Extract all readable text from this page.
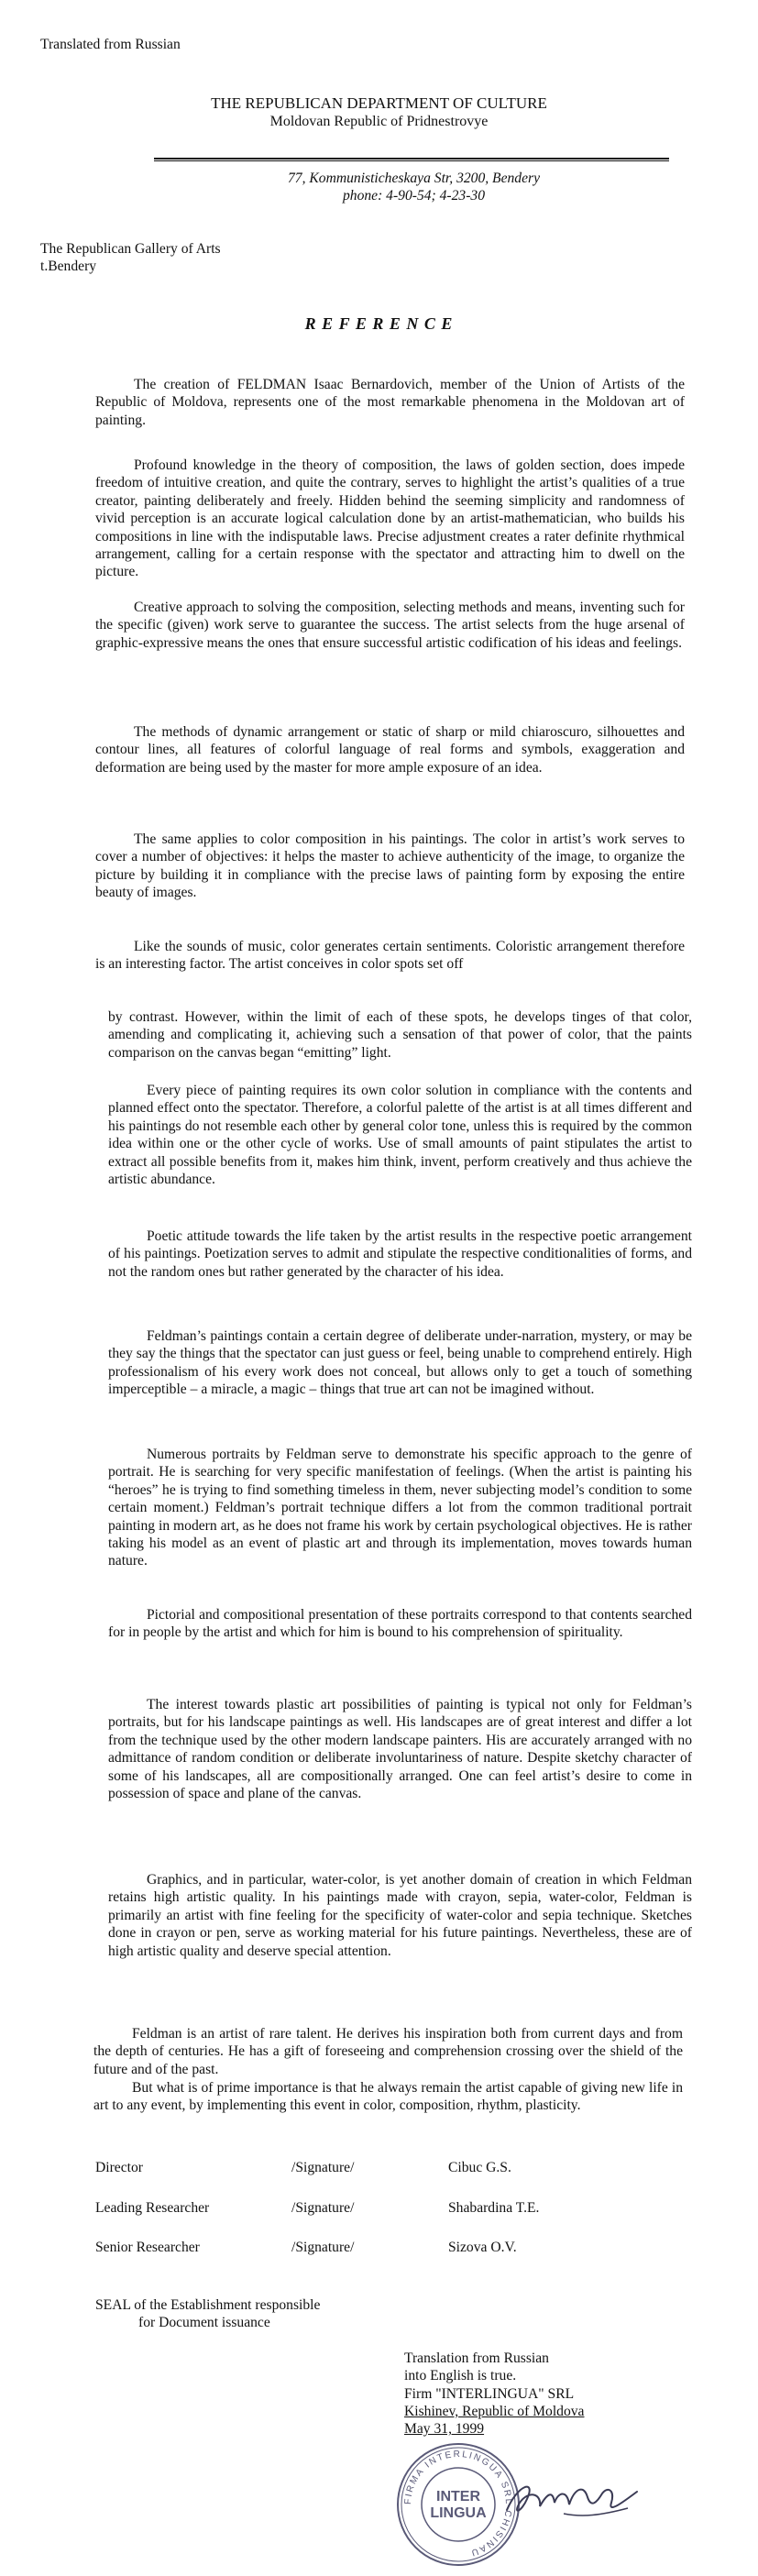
Translated from Russian
THE REPUBLICAN DEPARTMENT OF CULTURE
Moldovan Republic of Pridnestrovye
77, Kommunisticheskaya Str, 3200, Bendery
phone: 4-90-54; 4-23-30
The Republican Gallery of Arts
t.Bendery
R E F E R E N C E
The creation of FELDMAN Isaac Bernardovich, member of the Union of Artists of the Republic of Moldova, represents one of the most remarkable phenomena in the Moldovan art of painting.
Profound knowledge in the theory of composition, the laws of golden section, does impede freedom of intuitive creation, and quite the contrary, serves to highlight the artist’s qualities of a true creator, painting deliberately and freely. Hidden behind the seeming simplicity and randomness of vivid perception is an accurate logical calculation done by an artist-mathematician, who builds his compositions in line with the indisputable laws. Precise adjustment creates a rater definite rhythmical arrangement, calling for a certain response with the spectator and attracting him to dwell on the picture.
Creative approach to solving the composition, selecting methods and means, inventing such for the specific (given) work serve to guarantee the success. The artist selects from the huge arsenal of graphic-expressive means the ones that ensure successful artistic codification of his ideas and feelings.
The methods of dynamic arrangement or static of sharp or mild chiaroscuro, silhouettes and contour lines, all features of colorful language of real forms and symbols, exaggeration and deformation are being used by the master for more ample exposure of an idea.
The same applies to color composition in his paintings. The color in artist’s work serves to cover a number of objectives: it helps the master to achieve authenticity of the image, to organize the picture by building it in compliance with the precise laws of painting form by exposing the entire beauty of images.
Like the sounds of music, color generates certain sentiments. Coloristic arrangement therefore is an interesting factor. The artist conceives in color spots set off
by contrast. However, within the limit of each of these spots, he develops tinges of that color, amending and complicating it, achieving such a sensation of that power of color, that the paints comparison on the canvas began “emitting” light.
Every piece of painting requires its own color solution in compliance with the contents and planned effect onto the spectator. Therefore, a colorful palette of the artist is at all times different and his paintings do not resemble each other by general color tone, unless this is required by the common idea within one or the other cycle of works. Use of small amounts of paint stipulates the artist to extract all possible benefits from it, makes him think, invent, perform creatively and thus achieve the artistic abundance.
Poetic attitude towards the life taken by the artist results in the respective poetic arrangement of his paintings. Poetization serves to admit and stipulate the respective conditionalities of forms, and not the random ones but rather generated by the character of his idea.
Feldman’s paintings contain a certain degree of deliberate under-narration, mystery, or may be they say the things that the spectator can just guess or feel, being unable to comprehend entirely. High professionalism of his every work does not conceal, but allows only to get a touch of something imperceptible – a miracle, a magic – things that true art can not be imagined without.
Numerous portraits by Feldman serve to demonstrate his specific approach to the genre of portrait. He is searching for very specific manifestation of feelings. (When the artist is painting his “heroes” he is trying to find something timeless in them, never subjecting model’s condition to some certain moment.) Feldman’s portrait technique differs a lot from the common traditional portrait painting in modern art, as he does not frame his work by certain psychological objectives. He is rather taking his model as an event of plastic art and through its implementation, moves towards human nature.
Pictorial and compositional presentation of these portraits correspond to that contents searched for in people by the artist and which for him is bound to his comprehension of spirituality.
The interest towards plastic art possibilities of painting is typical not only for Feldman’s portraits, but for his landscape paintings as well. His landscapes are of great interest and differ a lot from the technique used by the other modern landscape painters. His are accurately arranged with no admittance of random condition or deliberate involuntariness of nature. Despite sketchy character of some of his landscapes, all are compositionally arranged. One can feel artist’s desire to come in possession of space and plane of the canvas.
Graphics, and in particular, water-color, is yet another domain of creation in which Feldman retains high artistic quality. In his paintings made with crayon, sepia, water-color, Feldman is primarily an artist with fine feeling for the specificity of water-color and sepia technique. Sketches done in crayon or pen, serve as working material for his future paintings. Nevertheless, these are of high artistic quality and deserve special attention.
Feldman is an artist of rare talent. He derives his inspiration both from current days and from the depth of centuries. He has a gift of foreseeing and comprehension crossing over the shield of the future and of the past.
But what is of prime importance is that he always remain the artist capable of giving new life in art to any event, by implementing this event in color, composition, rhythm, plasticity.
Director	/Signature/	Cibuc G.S.
Leading Researcher	/Signature/	Shabardina T.E.
Senior Researcher	/Signature/	Sizova O.V.
SEAL of the Establishment responsible
for Document issuance
Translation from Russian
into English is true.
Firm "INTERLINGUA" SRL
Kishinev, Republic of Moldova
May 31, 1999
FIRMA INTERLINGUA SRL CHISINAU
INTER
LINGUA
